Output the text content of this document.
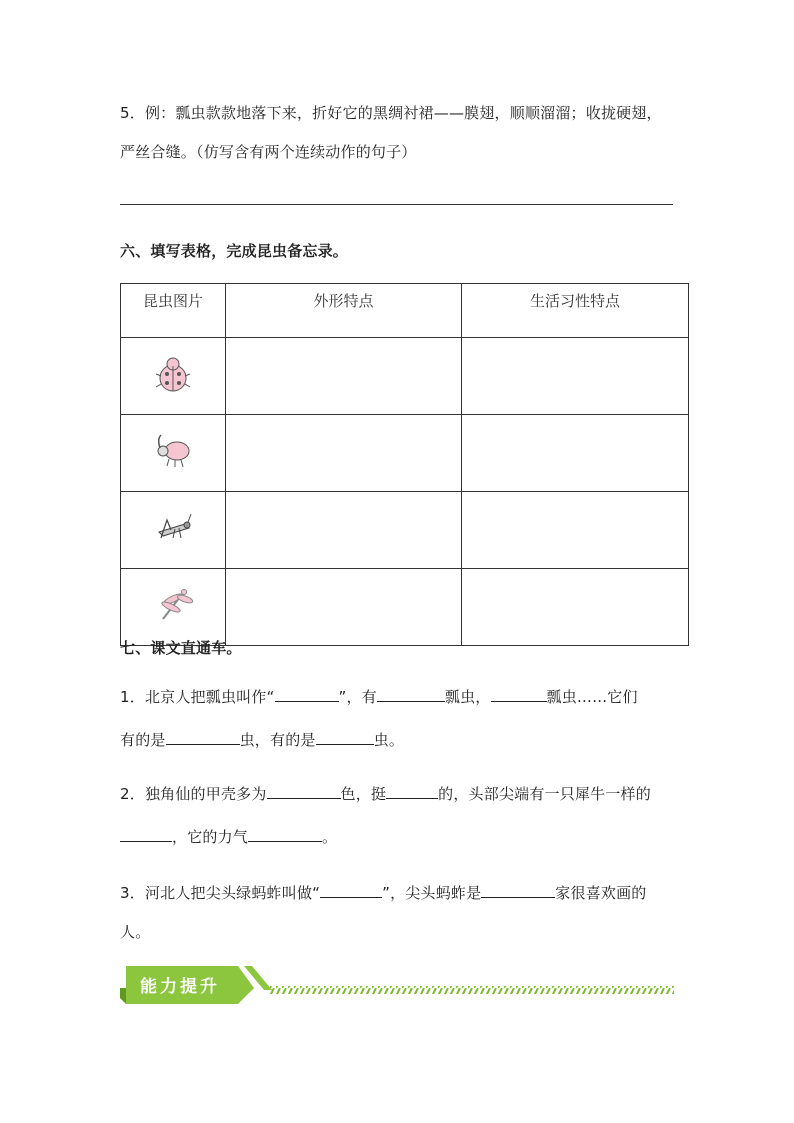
5．例：瓢虫款款地落下来，折好它的黑绸衬裙——膜翅，顺顺溜溜；收拢硬翅，
严丝合缝。（仿写含有两个连续动作的句子）
六、填写表格，完成昆虫备忘录。
昆虫图片	外形特点	生活习性特点

七、课文直通车。
1．北京人把瓢虫叫作“	”，有	瓢虫，	瓢虫……它们
有的是	虫，有的是	虫。
2．独角仙的甲壳多为	色，挺	的，头部尖端有一只犀牛一样的
，它的力气	。
3．河北人把尖头绿蚂蚱叫做“	”，尖头蚂蚱是	家很喜欢画的
人。
能力提升
